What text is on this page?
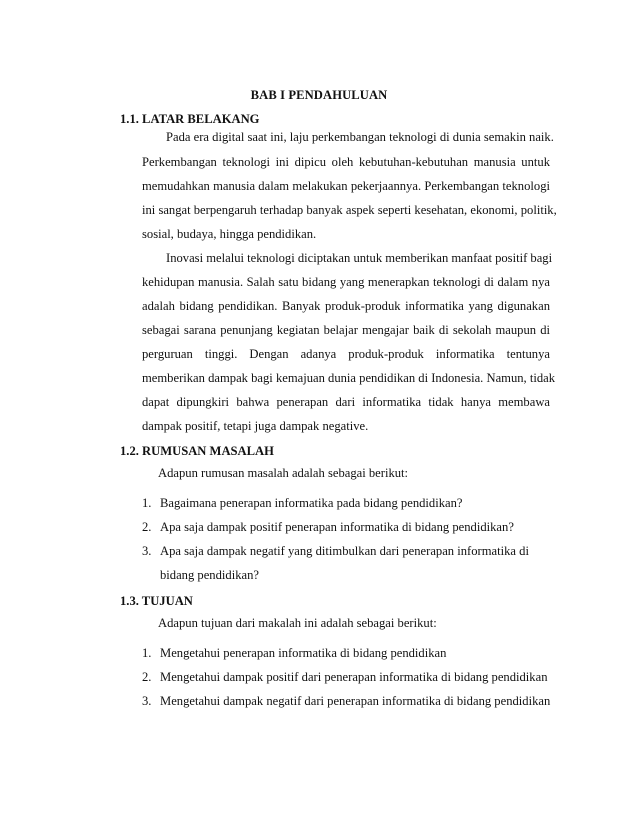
BAB I PENDAHULUAN
1.1. LATAR BELAKANG
Pada era digital saat ini, laju perkembangan teknologi di dunia semakin naik.
Perkembangan teknologi ini dipicu oleh kebutuhan-kebutuhan manusia untuk
memudahkan manusia dalam melakukan pekerjaannya. Perkembangan teknologi
ini sangat berpengaruh terhadap banyak aspek seperti kesehatan, ekonomi, politik,
sosial, budaya, hingga pendidikan.
Inovasi melalui teknologi diciptakan untuk memberikan manfaat positif bagi
kehidupan manusia. Salah satu bidang yang menerapkan teknologi di dalam nya
adalah bidang pendidikan. Banyak produk-produk informatika yang digunakan
sebagai sarana penunjang kegiatan belajar mengajar baik di sekolah maupun di
perguruan tinggi. Dengan adanya produk-produk informatika tentunya
memberikan dampak bagi kemajuan dunia pendidikan di Indonesia. Namun, tidak
dapat dipungkiri bahwa penerapan dari informatika tidak hanya membawa
dampak positif, tetapi juga dampak negative.
1.2. RUMUSAN MASALAH
Adapun rumusan masalah adalah sebagai berikut:
1. Bagaimana penerapan informatika pada bidang pendidikan?
2. Apa saja dampak positif penerapan informatika di bidang pendidikan?
3. Apa saja dampak negatif yang ditimbulkan dari penerapan informatika di
bidang pendidikan?
1.3. TUJUAN
Adapun tujuan dari makalah ini adalah sebagai berikut:
1. Mengetahui penerapan informatika di bidang pendidikan
2. Mengetahui dampak positif dari penerapan informatika di bidang pendidikan
3. Mengetahui dampak negatif dari penerapan informatika di bidang pendidikan
